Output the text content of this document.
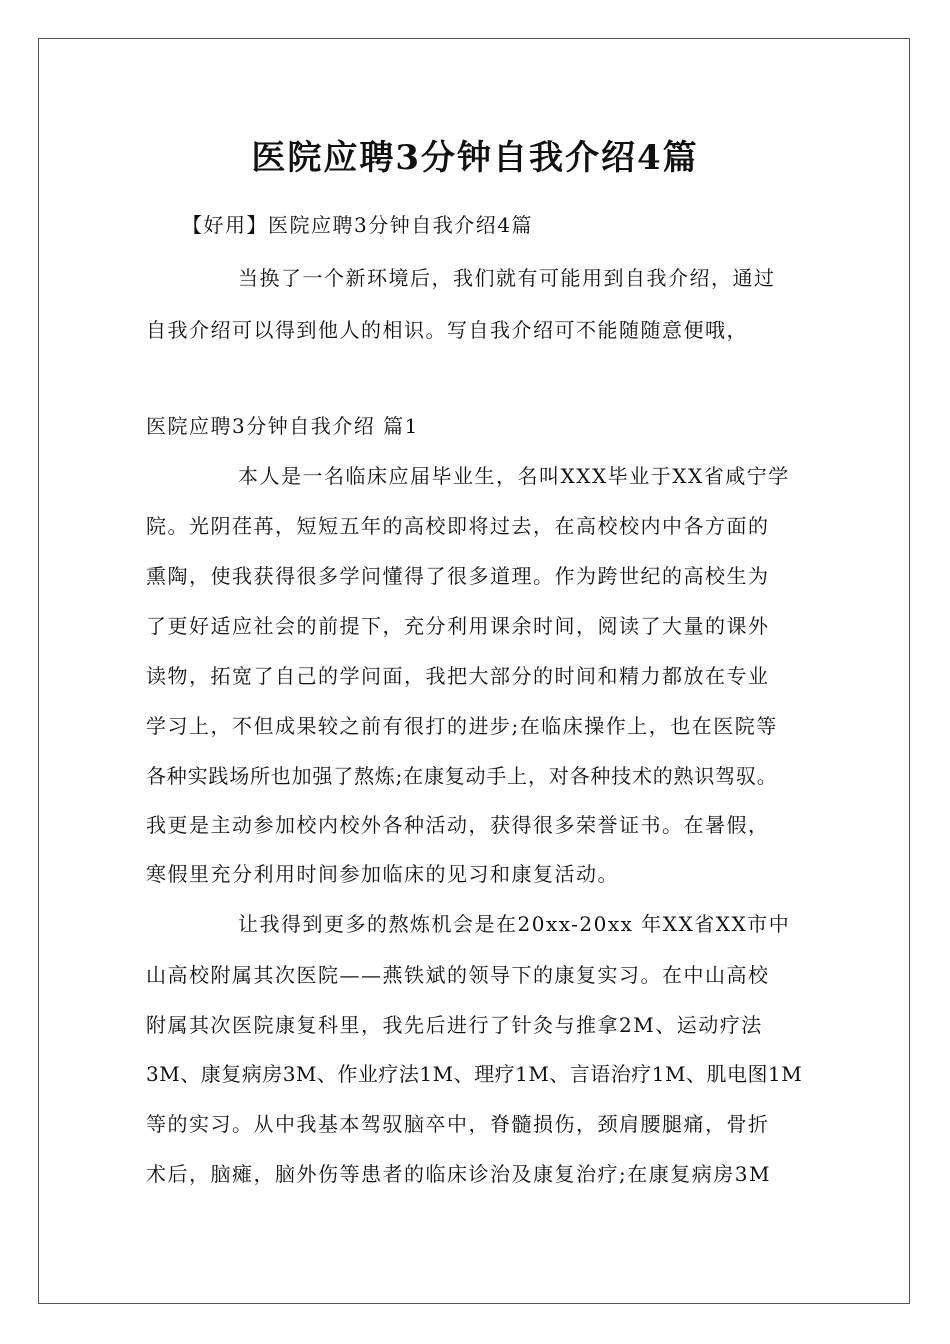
医院应聘3分钟自我介绍4篇
【好用】医院应聘3分钟自我介绍4篇
当换了一个新环境后，我们就有可能用到自我介绍，通过
自我介绍可以得到他人的相识。写自我介绍可不能随随意便哦，
医院应聘3分钟自我介绍 篇1
本人是一名临床应届毕业生，名叫XXX毕业于XX省咸宁学
院。光阴荏苒，短短五年的高校即将过去，在高校校内中各方面的
熏陶，使我获得很多学问懂得了很多道理。作为跨世纪的高校生为
了更好适应社会的前提下，充分利用课余时间，阅读了大量的课外
读物，拓宽了自己的学问面，我把大部分的时间和精力都放在专业
学习上，不但成果较之前有很打的进步;在临床操作上，也在医院等
各种实践场所也加强了熬炼;在康复动手上，对各种技术的熟识驾驭。
我更是主动参加校内校外各种活动，获得很多荣誉证书。在暑假，
寒假里充分利用时间参加临床的见习和康复活动。
让我得到更多的熬炼机会是在20xx-20xx 年XX省XX市中
山高校附属其次医院——燕铁斌的领导下的康复实习。在中山高校
附属其次医院康复科里，我先后进行了针灸与推拿2M、运动疗法
3M、康复病房3M、作业疗法1M、理疗1M、言语治疗1M、肌电图1M
等的实习。从中我基本驾驭脑卒中，脊髓损伤，颈肩腰腿痛，骨折
术后，脑瘫，脑外伤等患者的临床诊治及康复治疗;在康复病房3M
